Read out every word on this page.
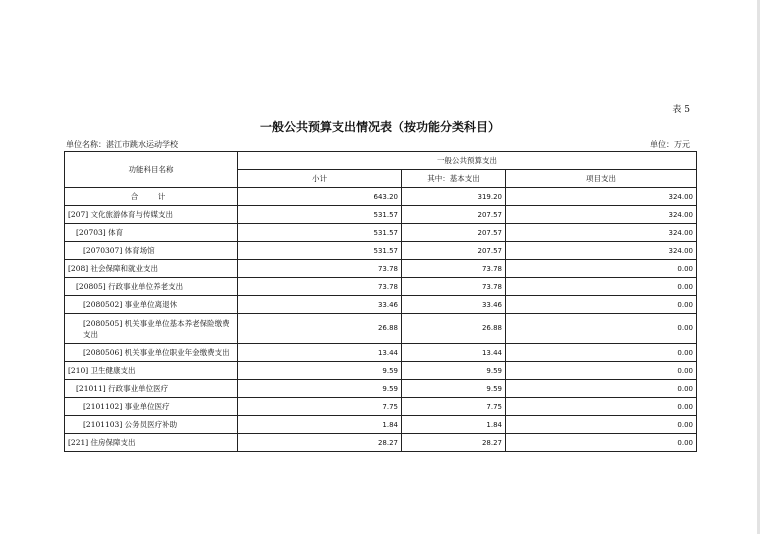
表 5
一般公共预算支出情况表（按功能分类科目）
单位名称：湛江市跳水运动学校	单位：万元
功能科目名称	一般公共预算支出		
	小计	其中：基本支出	项目支出
合　计	643.20	319.20	324.00
[207] 文化旅游体育与传媒支出	531.57	207.57	324.00
[20703] 体育	531.57	207.57	324.00
[2070307] 体育场馆	531.57	207.57	324.00
[208] 社会保障和就业支出	73.78	73.78	0.00
[20805] 行政事业单位养老支出	73.78	73.78	0.00
[2080502] 事业单位离退休	33.46	33.46	0.00
[2080505] 机关事业单位基本养老保险缴费支出	26.88	26.88	0.00
[2080506] 机关事业单位职业年金缴费支出	13.44	13.44	0.00
[210] 卫生健康支出	9.59	9.59	0.00
[21011] 行政事业单位医疗	9.59	9.59	0.00
[2101102] 事业单位医疗	7.75	7.75	0.00
[2101103] 公务员医疗补助	1.84	1.84	0.00
[221] 住房保障支出	28.27	28.27	0.00
